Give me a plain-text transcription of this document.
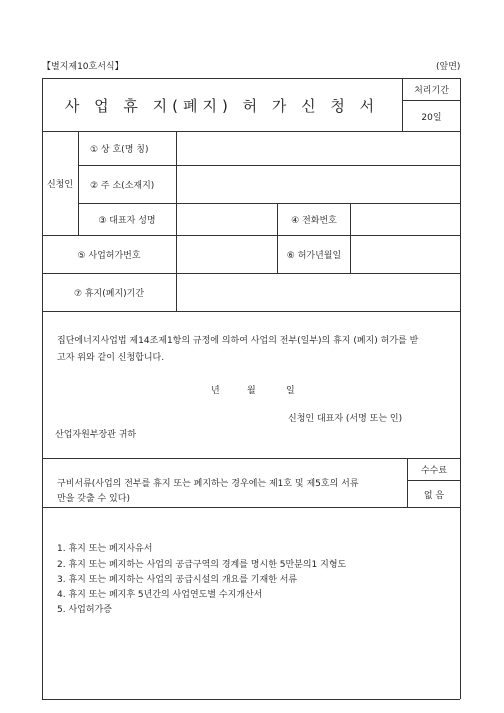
【별지제10호서식】	(앞면)
사 업 휴 지(폐지) 허 가 신 청 서
처리기간
20일
신청인
① 상 호(명 칭)
② 주 소(소재지)
③ 대표자 성명	④ 전화번호
⑤ 사업허가번호	⑥ 허가년월일
⑦ 휴지(폐지)기간
집단에너지사업법 제14조제1항의 규정에 의하여 사업의 전부(일부)의 휴지 (폐지) 허가를 받
고자 위와 같이 신청합니다.
년	월	일
신청인 대표자 (서명 또는 인)
산업자원부장관 귀하
구비서류(사업의 전부를 휴지 또는 폐지하는 경우에는 제1호 및 제5호의 서류
만을 갖출 수 있다)
수수료
없 음
1. 휴지 또는 폐지사유서
2. 휴지 또는 폐지하는 사업의 공급구역의 경계를 명시한 5만분의1 지형도
3. 휴지 또는 폐지하는 사업의 공급시설의 개요를 기재한 서류
4. 휴지 또는 폐지후 5년간의 사업연도별 수지개산서
5. 사업허가증
